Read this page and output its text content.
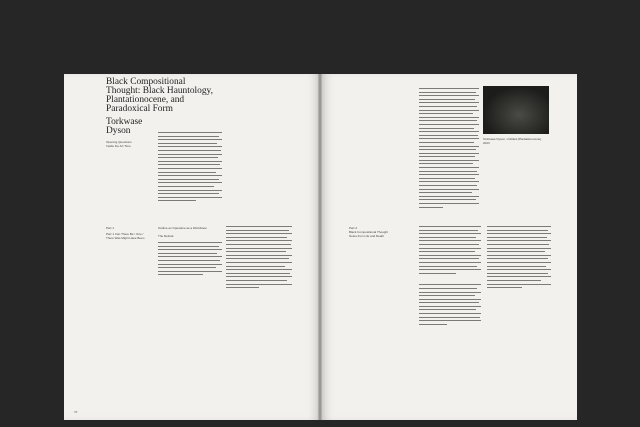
Black Compositional
Thought: Black Hauntology,
Plantationocene, and
Paradoxical Form
Torkwase
Dyson
Opening Questions
Inside the Art Time
Part 1
Part 1 Can There Be / One /
There Was Might Have Been
Outline an Operative as a Worldview
The Retinal
70
Torkwase Dyson, Untitled (Plantationocene), 2023
Part 2
Black Compositional Thought
Notes from Life and Death
